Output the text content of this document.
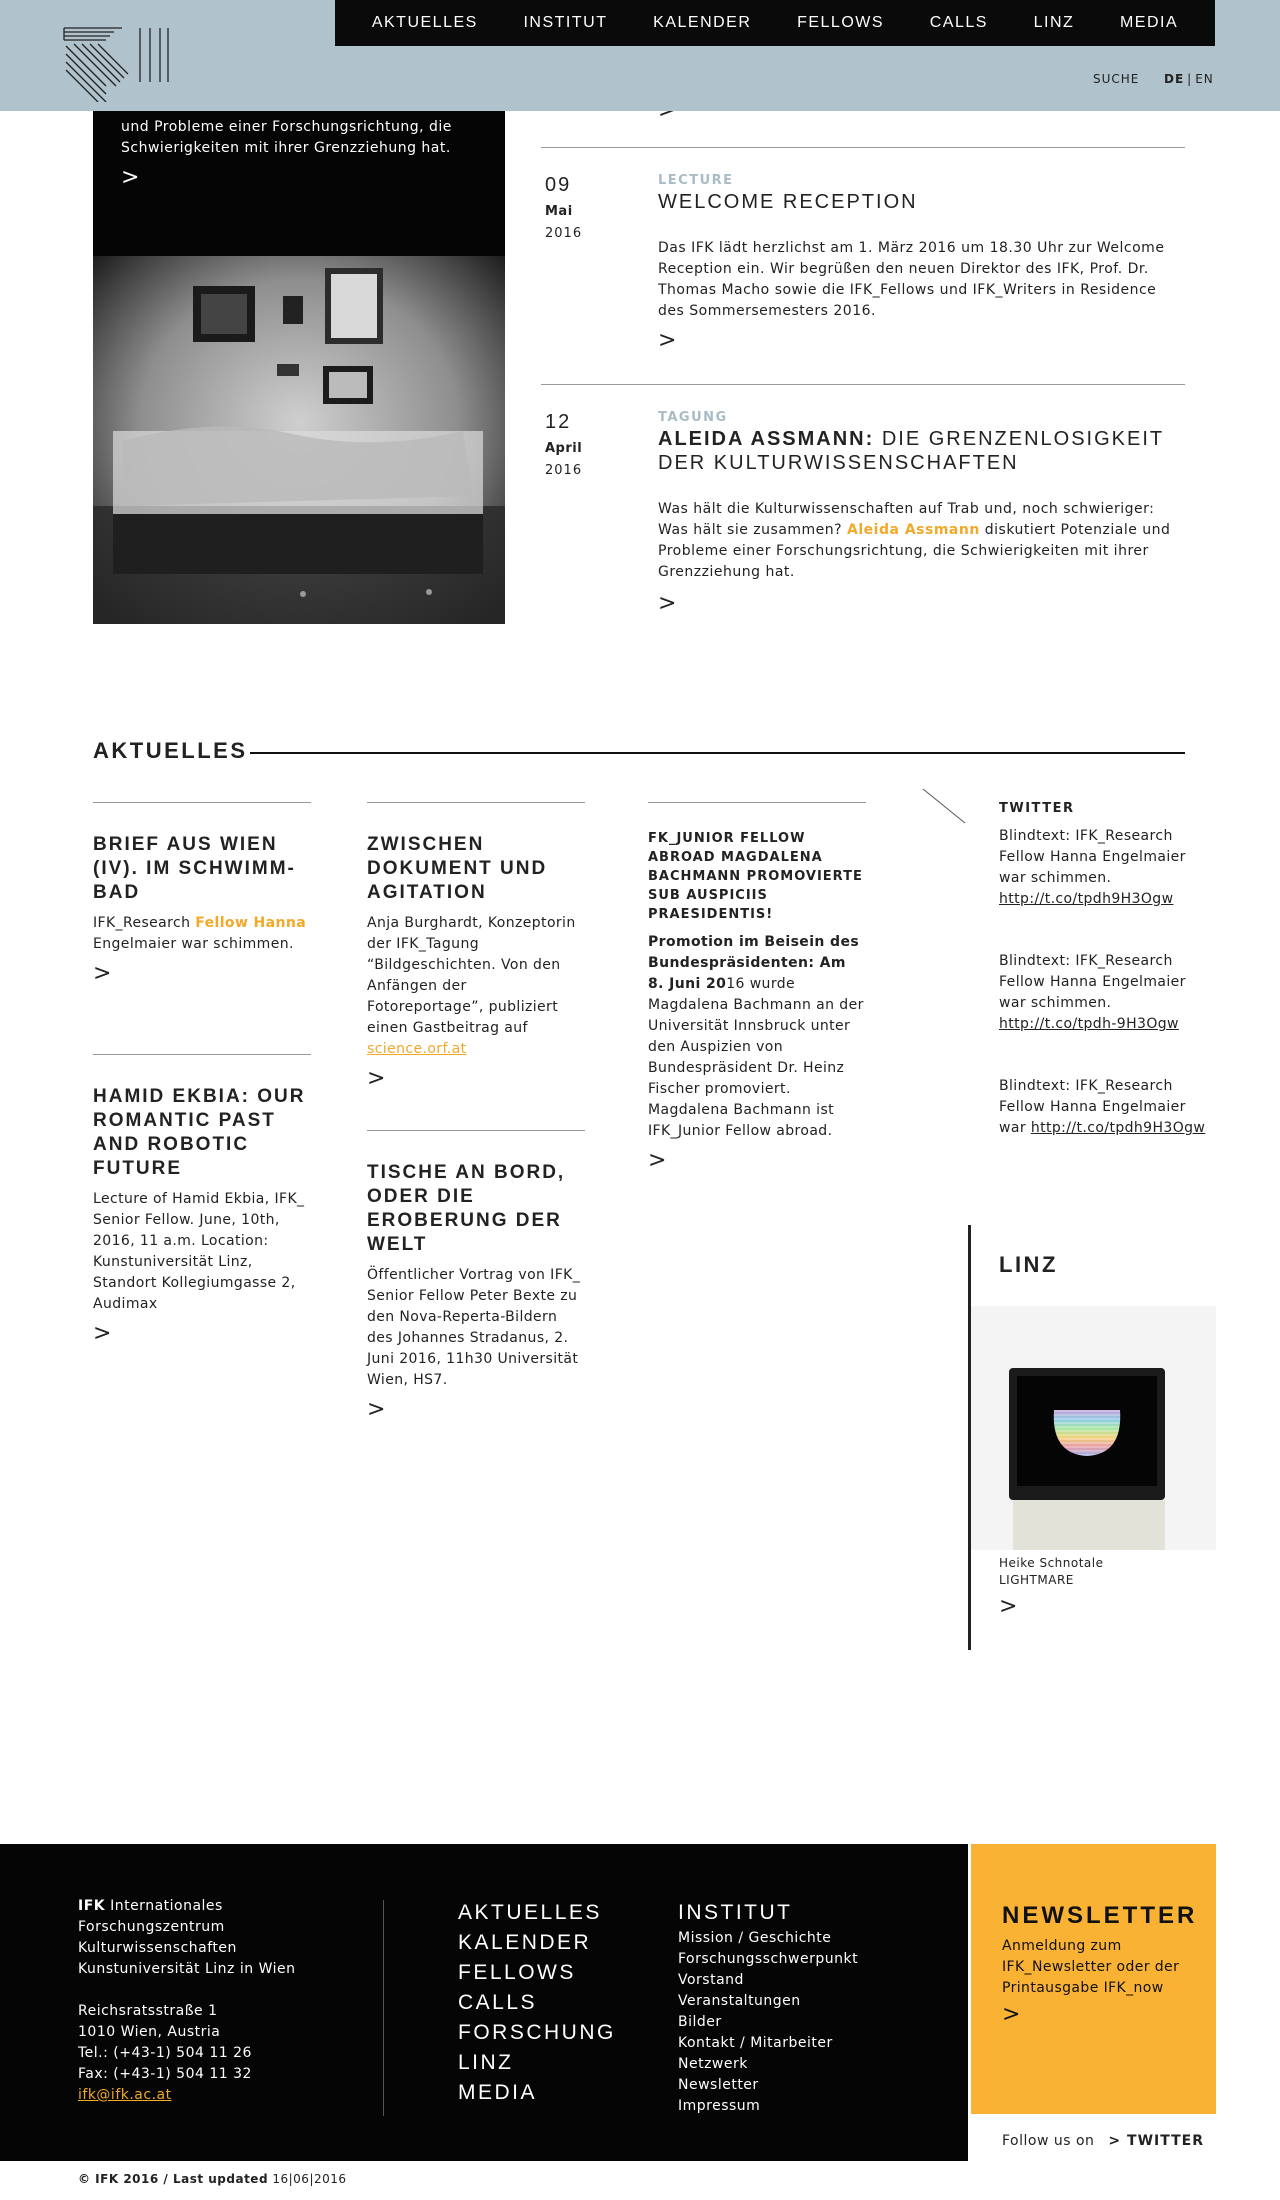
AKTUELLES	INSTITUT	KALENDER	FELLOWS	CALLS	LINZ	MEDIA
SUCHE DE | EN

und Probleme einer Forschungsrichtung, die Schwierigkeiten mit ihrer Grenzziehung hat.

>	09
Mai
2016
LECTURE
WELCOME RECEPTION

Das IFK lädt herzlichst am 1. März 2016 um 18.30 Uhr zur Welcome Reception ein. Wir begrüßen den neuen Direktor des IFK, Prof. Dr. Thomas Macho sowie die IFK_Fellows und IFK_Writers in Residence des Sommersemesters 2016.

>
12
April
2016
TAGUNG
ALEIDA ASSMANN: DIE GRENZENLOSIGKEIT DER KULTURWISSENSCHAFTEN

Was hält die Kulturwissenschaften auf Trab und, noch schwieriger: Was hält sie zusammen? Aleida Assmann diskutiert Potenziale und Probleme einer Forschungsrichtung, die Schwierigkeiten mit ihrer Grenzziehung hat.

>
AKTUELLES
BRIEF AUS WIEN (IV). IM SCHWIMM-BAD

IFK_Research Fellow Hanna Engelmaier war schimmen.

>
HAMID EKBIA: OUR ROMANTIC PAST AND ROBOTIC FUTURE

Lecture of Hamid Ekbia, IFK_ Senior Fellow. June, 10th, 2016, 11 a.m. Location: Kunstuniversität Linz, Standort Kollegiumgasse 2, Audimax

>
ZWISCHEN DOKUMENT UND AGITATION

Anja Burghardt, Konzeptorin der IFK_Tagung “Bildgeschichten. Von den Anfängen der Fotoreportage”, publiziert einen Gastbeitrag auf science.orf.at

>
TISCHE AN BORD, ODER DIE EROBERUNG DER WELT

Öffentlicher Vortrag von IFK_ Senior Fellow Peter Bexte zu den Nova-Reperta-Bildern des Johannes Stradanus, 2. Juni 2016, 11h30 Universität Wien, HS7.

>
FK_JUNIOR FELLOW ABROAD MAGDALENA BACHMANN PROMOVIERTE SUB AUSPICIIS PRAESIDENTIS!

Promotion im Beisein des Bundespräsidenten: Am 8. Juni 2016 wurde Magdalena Bachmann an der Universität Innsbruck unter den Auspizien von Bundespräsident Dr. Heinz Fischer promoviert. Magdalena Bachmann ist IFK_Junior Fellow abroad.

>
TWITTER

Blindtext: IFK_Research Fellow Hanna Engelmaier war schimmen. http://t.co/tpdh9H3Ogw

Blindtext: IFK_Research Fellow Hanna Engelmaier war schimmen. http://t.co/tpdh-9H3Ogw

Blindtext: IFK_Research Fellow Hanna Engelmaier war http://t.co/tpdh9H3Ogw

LINZ
Heike Schnotale
LIGHTMARE
>
IFK Internationales
Forschungszentrum
Kulturwissenschaften
Kunstuniversität Linz in Wien
Reichsratsstraße 1
1010 Wien, Austria
Tel.: (+43-1) 504 11 26
Fax: (+43-1) 504 11 32
ifk@ifk.ac.at
AKTUELLES
KALENDER
FELLOWS
CALLS
FORSCHUNG
LINZ
MEDIA
INSTITUT
Mission / Geschichte
Forschungsschwerpunkt
Vorstand
Veranstaltungen
Bilder
Kontakt / Mitarbeiter
Netzwerk
Newsletter
Impressum
NEWSLETTER

Anmeldung zum IFK_Newsletter oder der Printausgabe IFK_now

>
Follow us on > TWITTER
© IFK 2016 / Last updated 16|06|2016
